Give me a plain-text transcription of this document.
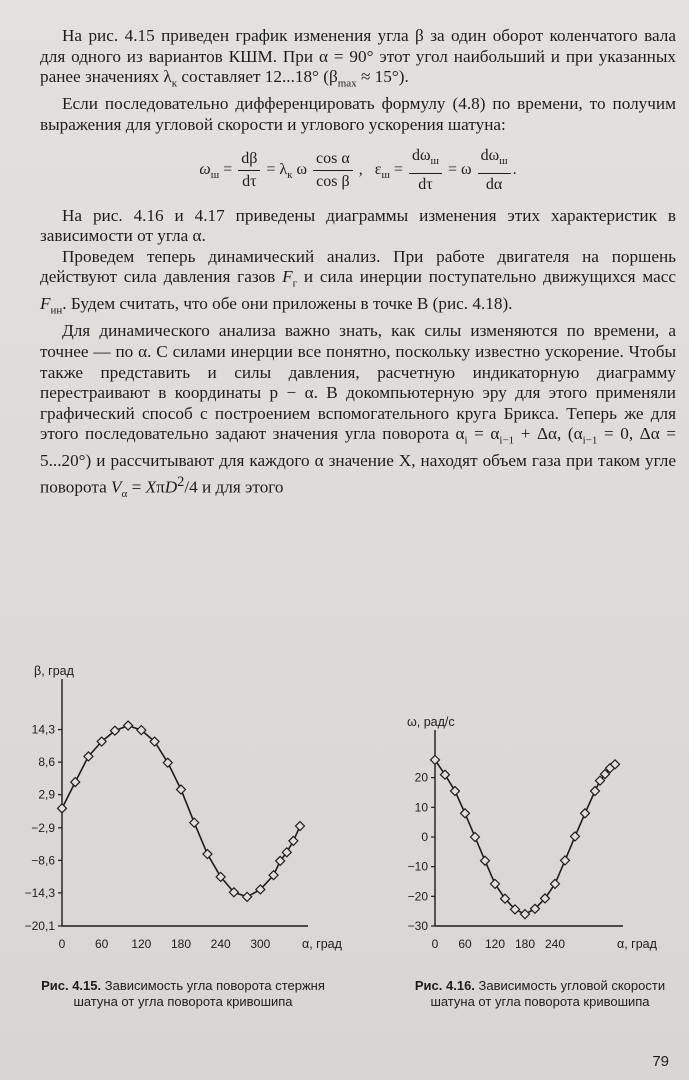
На рис. 4.15 приведен график изменения угла β за один оборот коленчатого вала для одного из вариантов КШМ. При α = 90° этот угол наибольший и при указанных ранее значениях $\lambda_к$ составляет 12...18° $(\beta_{max} \approx 15^\circ)$.

Если последовательно дифференцировать формулу (4.8) по времени, то получим выражения для угловой скорости и углового ускорения шатуна:

$\omega_ш = \frac{d\beta}{d\tau} = \lambda_к$ ω $\frac{\text{cos α}}{\text{cos β}}$ ,   $\varepsilon_ш = \frac{d\omega_ш}{d\tau} = \omega \frac{d\omega_ш}{d\alpha}$ .

На рис. 4.16 и 4.17 приведены диаграммы изменения этих характеристик в зависимости от угла α.

Проведем теперь динамический анализ. При работе двигателя на поршень действуют сила давления газов $F_г$ и сила инерции поступательно движущихся масс $F_{ин}$. Будем считать, что обе они приложены в точке B (рис. 4.18).

Для динамического анализа важно знать, как силы изменяются по времени, а точнее — по α. С силами инерции все понятно, поскольку известно ускорение. Чтобы также представить и силы давления, расчетную индикаторную диаграмму перестраивают в координаты p − α. В докомпьютерную эру для этого применяли графический способ с построением вспомогательного круга Брикса. Теперь же для этого последовательно задают значения угла поворота $\alpha_i = \alpha_{i-1} + \Delta\alpha$, ($\alpha_{i-1} = 0$, Δα = 5...20°) и рассчитывают для каждого α значение X, находят объем газа при таком угле поворота $V_\alpha = X\pi D^2/4$ и для этого

14,3
8,6
2,9
−2,9
−8,6
−14,3
−20,1
0 60 120 180 240 300
β, град
α, град
Рис. 4.15. Зависимость угла поворота стержня шатуна от угла поворота кривошипа
20
10
0
−10
−20
−30
0 60 120 180 240
ω, рад/с
α, град
Рис. 4.16. Зависимость угловой скорости шатуна от угла поворота кривошипа
79
